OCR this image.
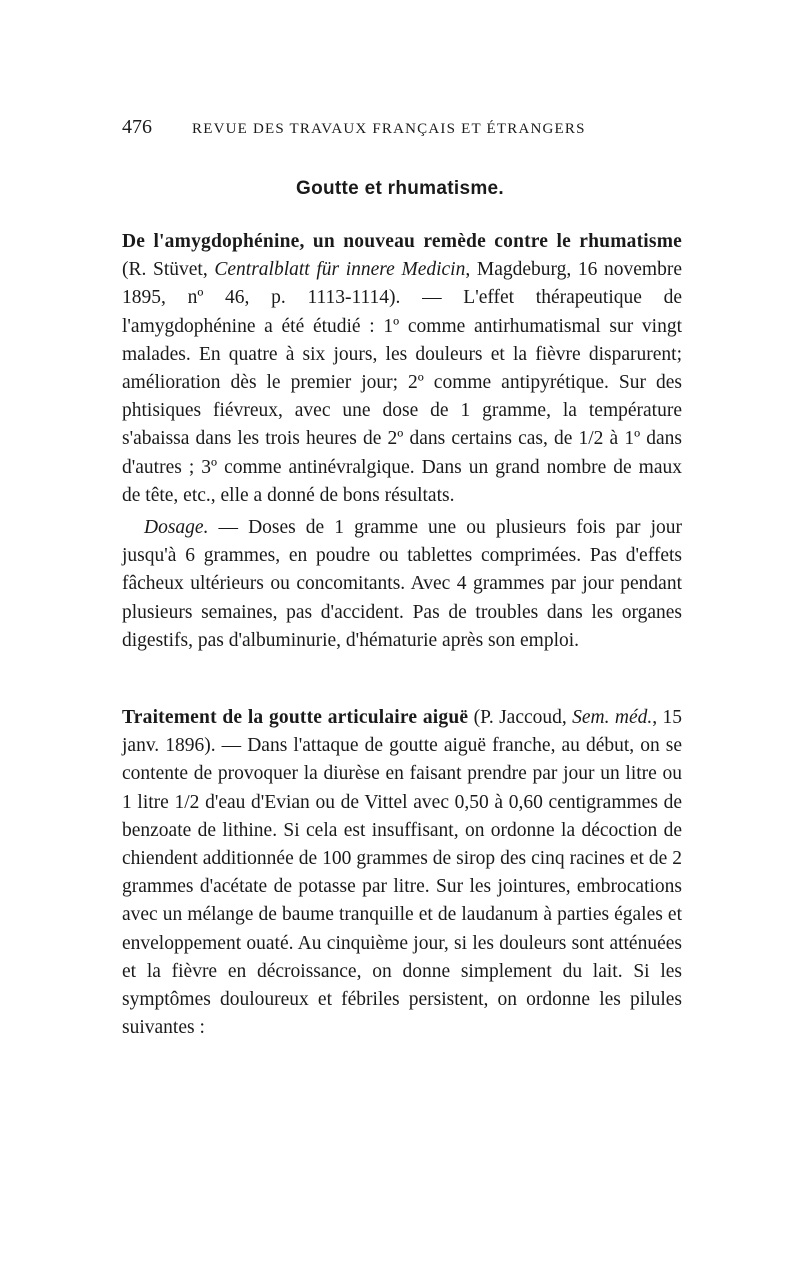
476	REVUE DES TRAVAUX FRANÇAIS ET ÉTRANGERS
Goutte et rhumatisme.

De l'amygdophénine, un nouveau remède contre le rhumatisme (R. Stüvet, Centralblatt für innere Medicin, Magdeburg, 16 novembre 1895, nº 46, p. 1113-1114). — L'effet thérapeutique de l'amygdophénine a été étudié : 1º comme antirhumatismal sur vingt malades. En quatre à six jours, les douleurs et la fièvre disparurent; amélioration dès le premier jour; 2º comme antipyrétique. Sur des phtisiques fiévreux, avec une dose de 1 gramme, la température s'abaissa dans les trois heures de 2º dans certains cas, de 1/2 à 1º dans d'autres ; 3º comme antinévralgique. Dans un grand nombre de maux de tête, etc., elle a donné de bons résultats.

Dosage. — Doses de 1 gramme une ou plusieurs fois par jour jusqu'à 6 grammes, en poudre ou tablettes comprimées. Pas d'effets fâcheux ultérieurs ou concomitants. Avec 4 grammes par jour pendant plusieurs semaines, pas d'accident. Pas de troubles dans les organes digestifs, pas d'albuminurie, d'hématurie après son emploi.

Traitement de la goutte articulaire aiguë (P. Jaccoud, Sem. méd., 15 janv. 1896). — Dans l'attaque de goutte aiguë franche, au début, on se contente de provoquer la diurèse en faisant prendre par jour un litre ou 1 litre 1/2 d'eau d'Evian ou de Vittel avec 0,50 à 0,60 centigrammes de benzoate de lithine. Si cela est insuffisant, on ordonne la décoction de chiendent additionnée de 100 grammes de sirop des cinq racines et de 2 grammes d'acétate de potasse par litre. Sur les jointures, embrocations avec un mélange de baume tranquille et de laudanum à parties égales et enveloppement ouaté. Au cinquième jour, si les douleurs sont atténuées et la fièvre en décroissance, on donne simplement du lait. Si les symptômes douloureux et fébriles persistent, on ordonne les pilules suivantes :
